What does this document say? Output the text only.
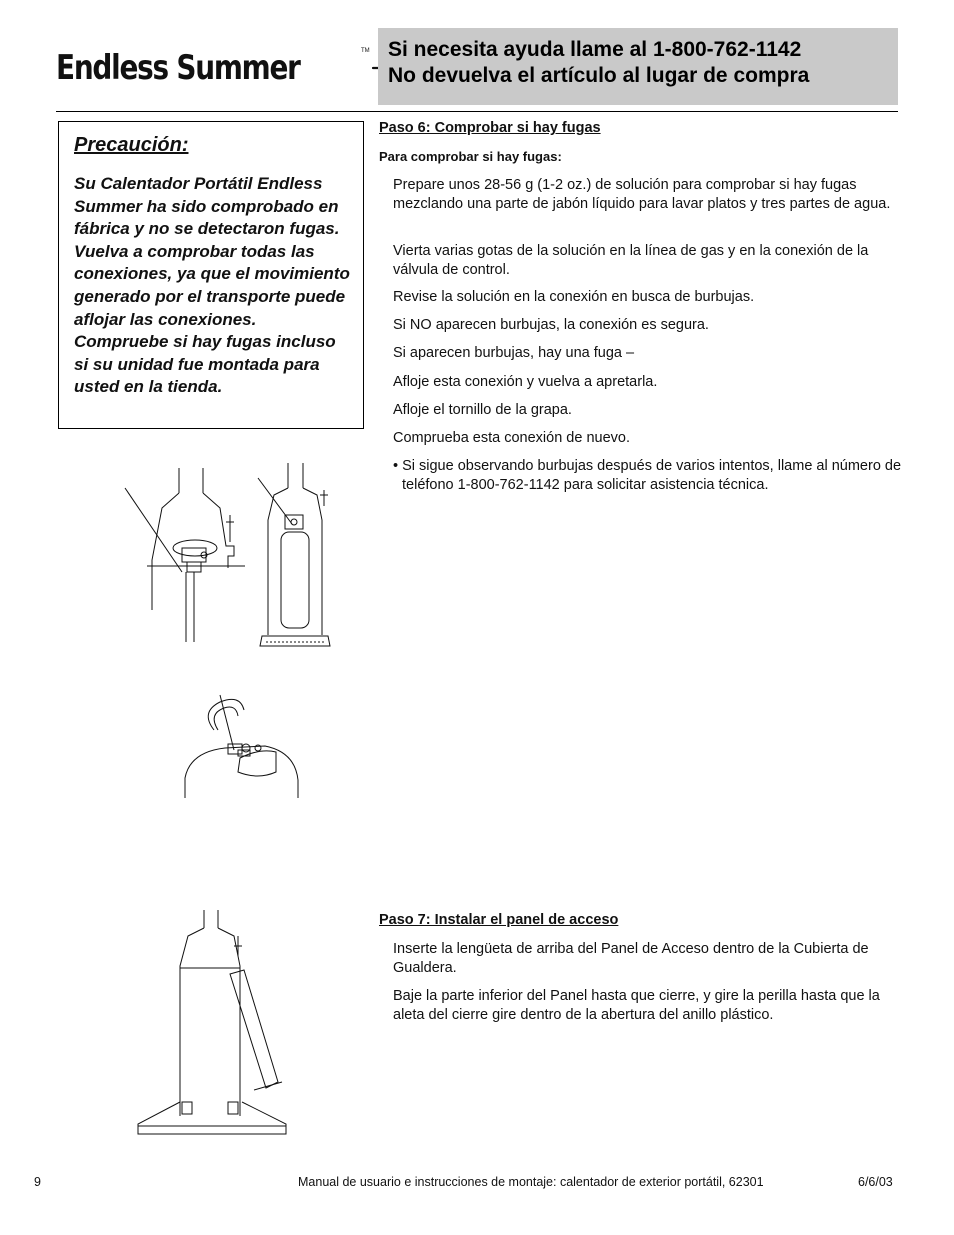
Endless Summer	TM Si necesita ayuda llame al 1-800-762-1142
No devuelva el artículo al lugar de compra
Precaución:
Su Calentador Portátil Endless Summer ha sido comprobado en fábrica y no se detectaron fugas. Vuelva a comprobar todas las conexiones, ya que el movimiento generado por el transporte puede aflojar las conexiones. Compruebe si hay fugas incluso si su unidad fue montada para usted en la tienda.
Paso 6: Comprobar si hay fugas
Para comprobar si hay fugas:
Prepare unos 28-56 g (1-2 oz.) de solución para comprobar si hay fugas mezclando una parte de jabón líquido para lavar platos y tres partes de agua.
Vierta varias gotas de la solución en la línea de gas y en la conexión de la válvula de control.
Revise la solución en la conexión en busca de burbujas.
Si NO aparecen burbujas, la conexión es segura.
Si aparecen burbujas, hay una fuga –
Afloje esta conexión y vuelva a apretarla.
Afloje el tornillo de la grapa.
Comprueba esta conexión de nuevo.
• Si sigue observando burbujas después de varios intentos, llame al número de teléfono 1-800-762-1142 para solicitar asistencia técnica.
Paso 7: Instalar el panel de acceso
Inserte la lengüeta de arriba del Panel de Acceso dentro de la Cubierta de Gualdera.
Baje la parte inferior del Panel hasta que cierre, y gire la perilla hasta que la aleta del cierre gire dentro de la abertura del anillo plástico.
9	Manual de usuario e instrucciones de montaje: calentador de exterior portátil, 62301	6/6/03
